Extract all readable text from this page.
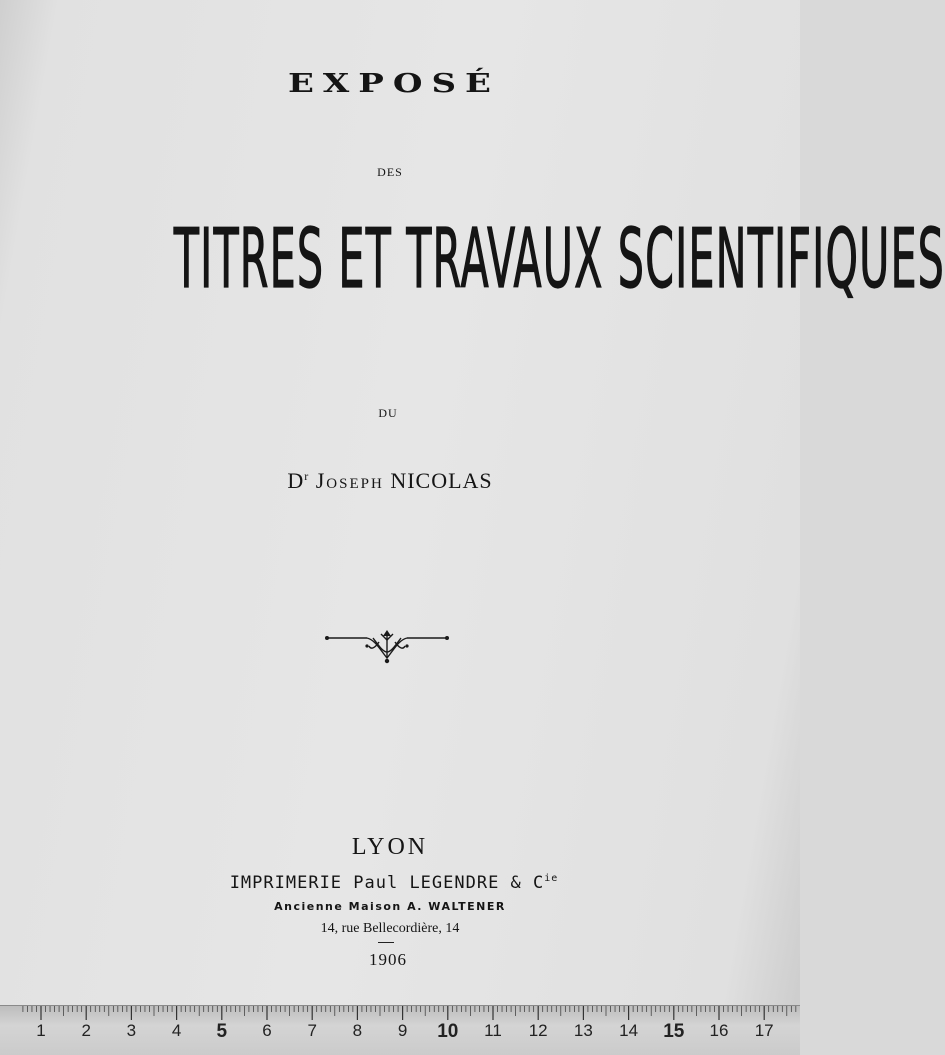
EXPOSÉ
DES
TITRES ET TRAVAUX SCIENTIFIQUES
DU
$D^r$ Joseph NICOLAS
LYON
IMPRIMERIE Paul LEGENDRE & $C^{ie}$
Ancienne Maison A. WALTENER
14, rue Bellecordière, 14
1906
1	2	3	4	5	6	7	8	9	10	11	12	13	14 15	16	17
